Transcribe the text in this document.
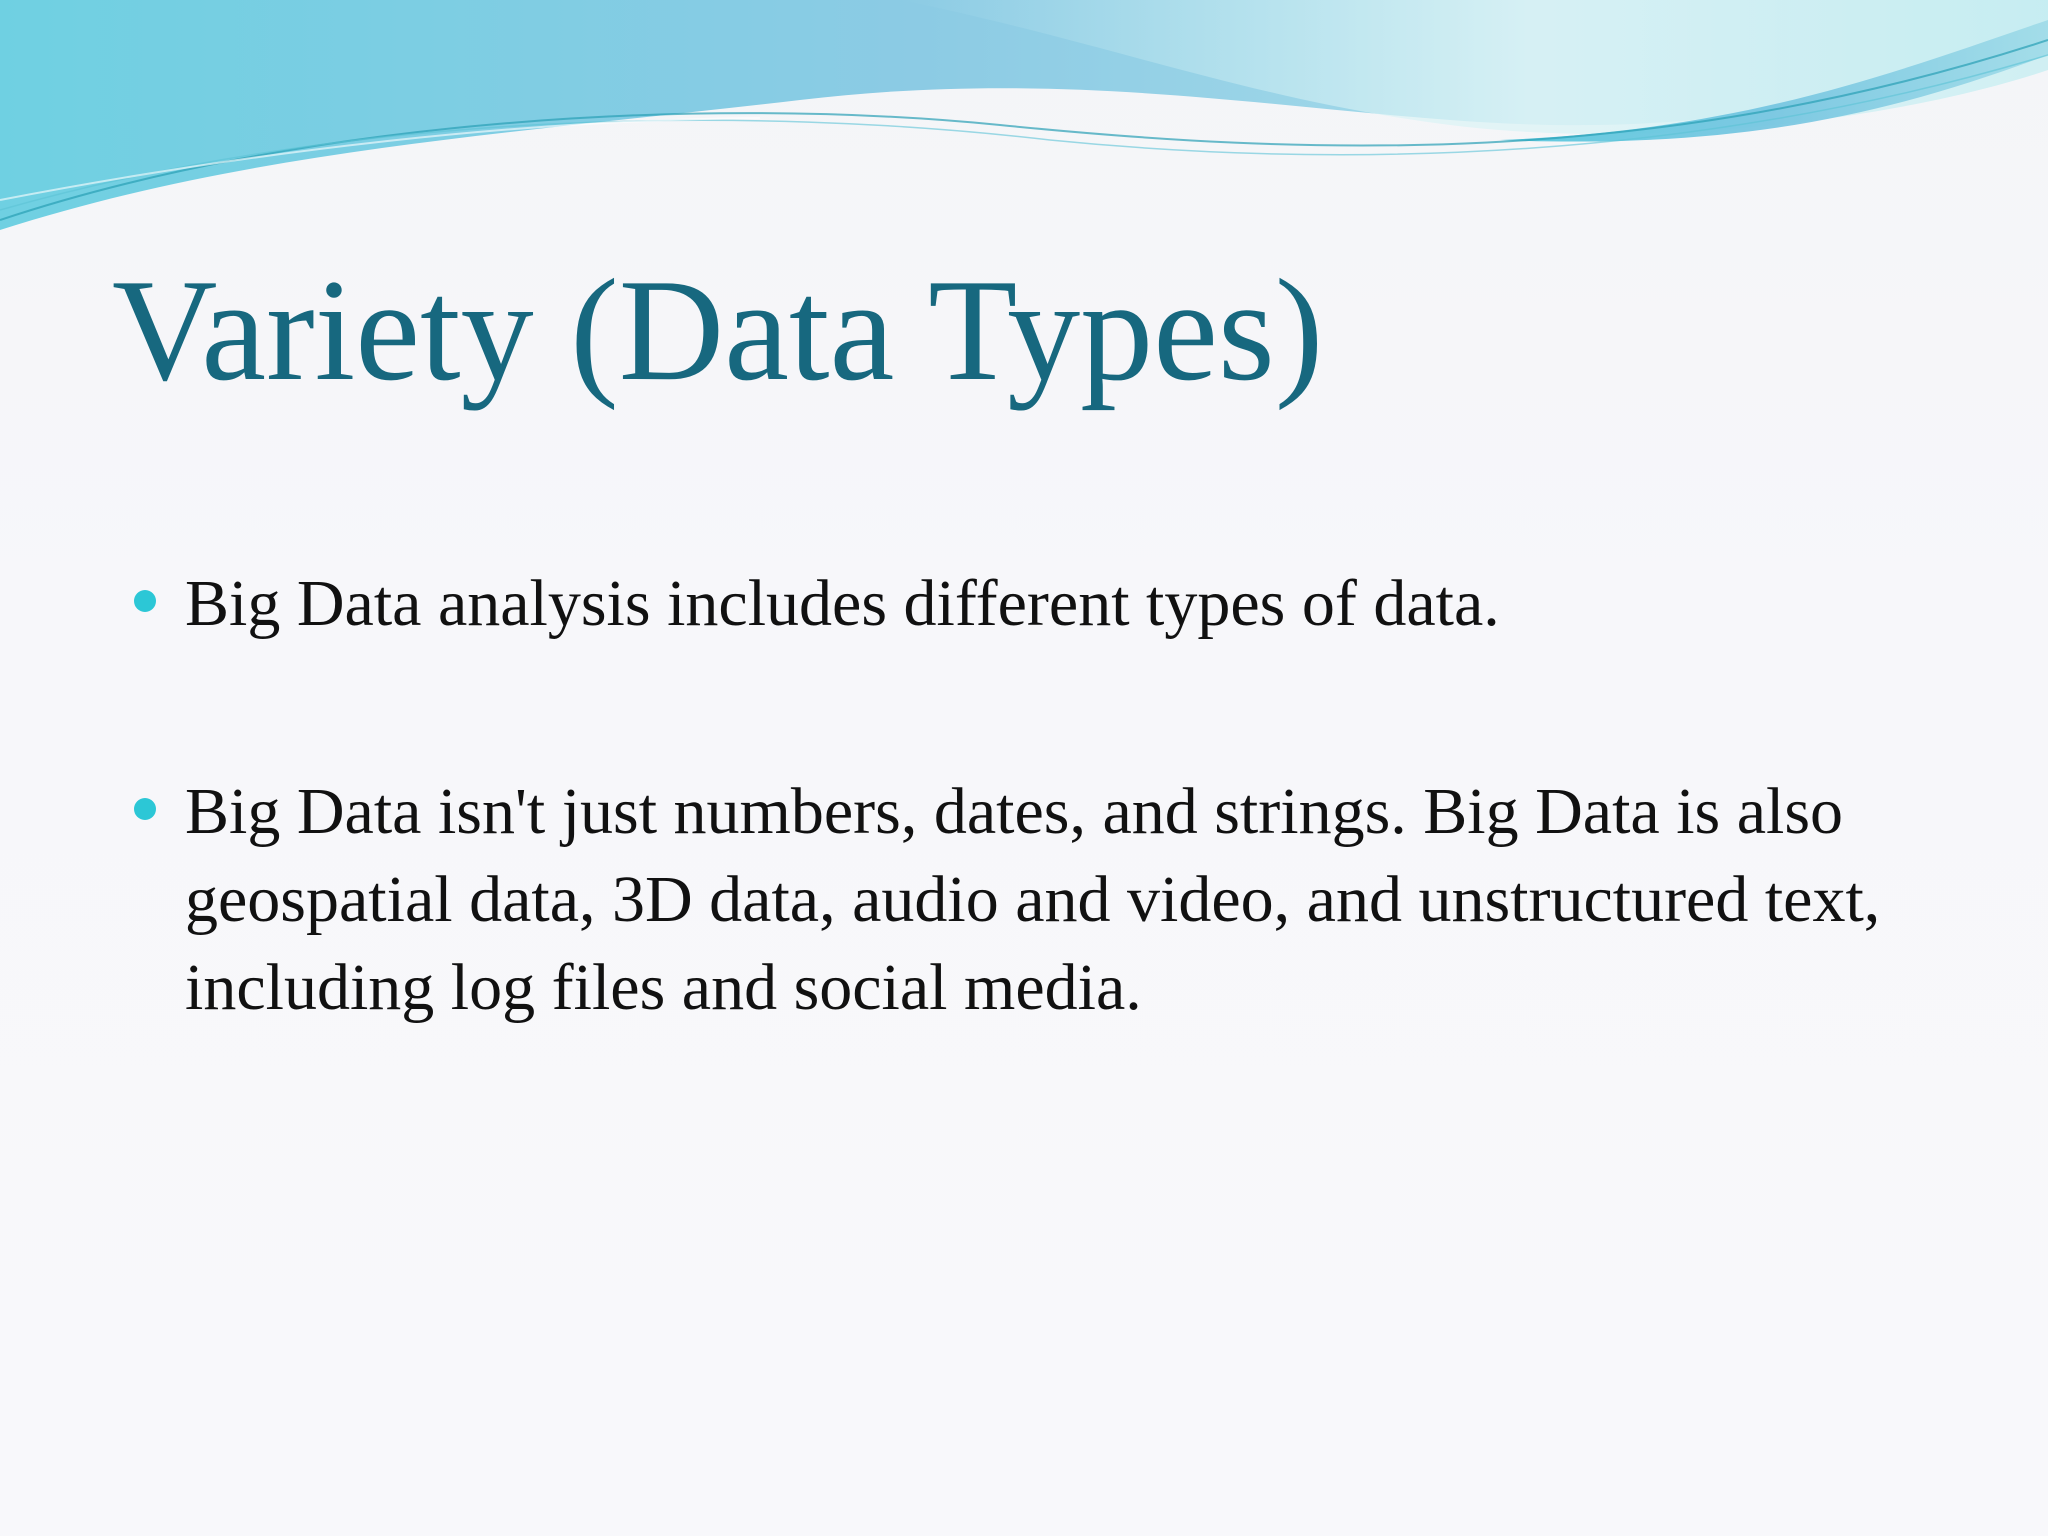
Variety (Data Types)
Big Data analysis includes different types of data.
Big Data isn't just numbers, dates, and strings. Big Data is also geospatial data, 3D data, audio and video, and unstructured text, including log files and social media.
